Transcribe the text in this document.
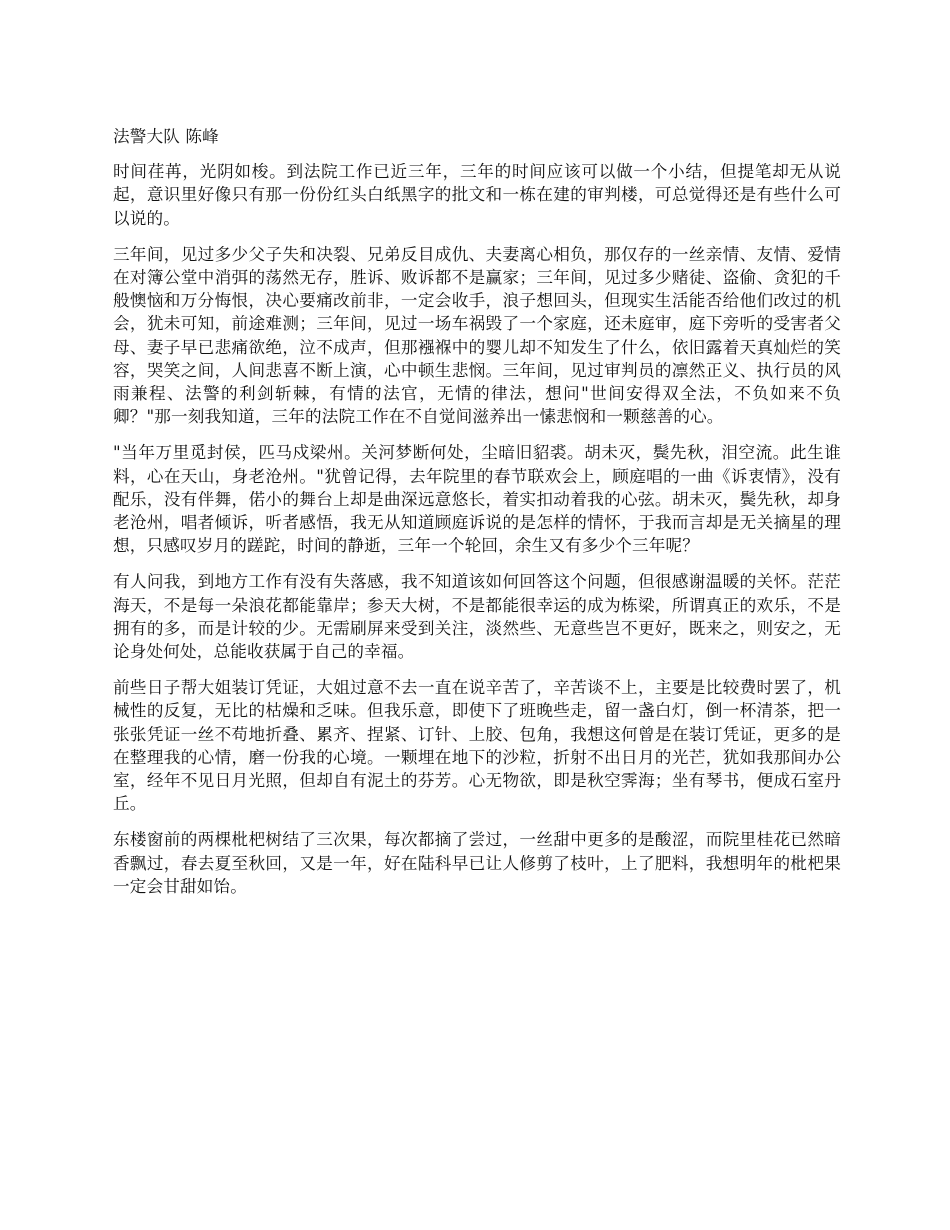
法警大队 陈峰

时间荏苒，光阴如梭。到法院工作已近三年，三年的时间应该可以做一个小结，但提笔却无从说起，意识里好像只有那一份份红头白纸黑字的批文和一栋在建的审判楼，可总觉得还是有些什么可以说的。

三年间，见过多少父子失和决裂、兄弟反目成仇、夫妻离心相负，那仅存的一丝亲情、友情、爱情在对簿公堂中消弭的荡然无存，胜诉、败诉都不是赢家；三年间，见过多少赌徒、盗偷、贪犯的千般懊恼和万分悔恨，决心要痛改前非，一定会收手，浪子想回头，但现实生活能否给他们改过的机会，犹未可知，前途难测；三年间，见过一场车祸毁了一个家庭，还未庭审，庭下旁听的受害者父母、妻子早已悲痛欲绝，泣不成声，但那襁褓中的婴儿却不知发生了什么，依旧露着天真灿烂的笑容，哭笑之间，人间悲喜不断上演，心中顿生悲悯。三年间，见过审判员的凛然正义、执行员的风雨兼程、法警的利剑斩棘，有情的法官，无情的律法，想问"世间安得双全法，不负如来不负卿？"那一刻我知道，三年的法院工作在不自觉间滋养出一愫悲悯和一颗慈善的心。

"当年万里觅封侯，匹马戍梁州。关河梦断何处，尘暗旧貂裘。胡未灭，鬓先秋，泪空流。此生谁料，心在天山，身老沧州。"犹曾记得，去年院里的春节联欢会上，顾庭唱的一曲《诉衷情》，没有配乐，没有伴舞，偌小的舞台上却是曲深远意悠长，着实扣动着我的心弦。胡未灭，鬓先秋，却身老沧州，唱者倾诉，听者感悟，我无从知道顾庭诉说的是怎样的情怀，于我而言却是无关摘星的理想，只感叹岁月的蹉跎，时间的静逝，三年一个轮回，余生又有多少个三年呢？

有人问我，到地方工作有没有失落感，我不知道该如何回答这个问题，但很感谢温暖的关怀。茫茫海天，不是每一朵浪花都能靠岸；参天大树，不是都能很幸运的成为栋梁，所谓真正的欢乐，不是拥有的多，而是计较的少。无需刷屏来受到关注，淡然些、无意些岂不更好，既来之，则安之，无论身处何处，总能收获属于自己的幸福。

前些日子帮大姐装订凭证，大姐过意不去一直在说辛苦了，辛苦谈不上，主要是比较费时罢了，机械性的反复，无比的枯燥和乏味。但我乐意，即使下了班晚些走，留一盏白灯，倒一杯清茶，把一张张凭证一丝不苟地折叠、累齐、捏紧、订针、上胶、包角，我想这何曾是在装订凭证，更多的是在整理我的心情，磨一份我的心境。一颗埋在地下的沙粒，折射不出日月的光芒，犹如我那间办公室，经年不见日月光照，但却自有泥土的芬芳。心无物欲，即是秋空霁海；坐有琴书，便成石室丹丘。

东楼窗前的两棵枇杷树结了三次果，每次都摘了尝过，一丝甜中更多的是酸涩，而院里桂花已然暗香飘过，春去夏至秋回，又是一年，好在陆科早已让人修剪了枝叶，上了肥料，我想明年的枇杷果一定会甘甜如饴。
